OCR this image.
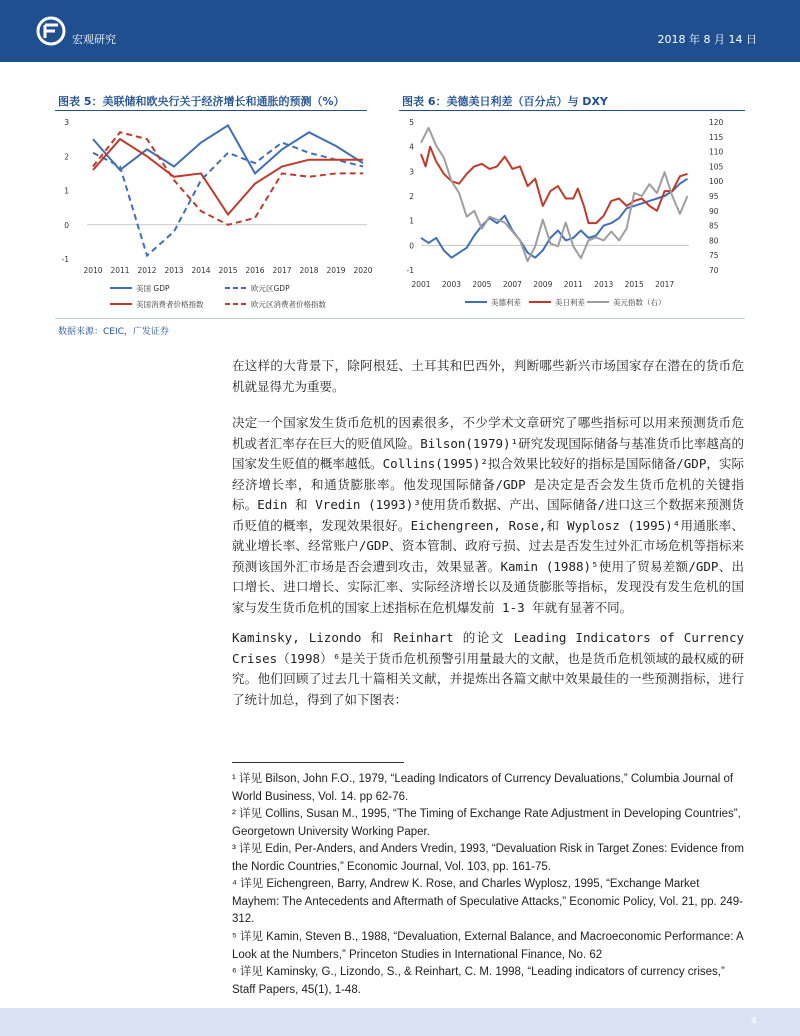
宏观研究	2018 年 8 月 14 日
图表 5：美联储和欧央行关于经济增长和通胀的预测（%）
-1
0
1
2
3
2010 2011 2012 2013 2014 2015 2016 2017 2018 2019 2020
美国 GDP	欧元区GDP
美国消费者价格指数	欧元区消费者价格指数
图表 6：美德美日利差（百分点）与 DXY
-1
0
1
2
3
4
5
70
75
80
85
90
95
100
105
110
115
120
2001 2003 2005 2007 2009 2011 2013 2015 2017
美德利差	美日利差	美元指数（右）
数据来源：CEIC，广发证券

在这样的大背景下，除阿根廷、土耳其和巴西外，判断哪些新兴市场国家存在潜在的货币危机就显得尤为重要。

决定一个国家发生货币危机的因素很多，不少学术文章研究了哪些指标可以用来预测货币危机或者汇率存在巨大的贬值风险。Bilson(1979)¹研究发现国际储备与基准货币比率越高的国家发生贬值的概率越低。Collins(1995)²拟合效果比较好的指标是国际储备/GDP，实际经济增长率，和通货膨胀率。他发现国际储备/GDP 是决定是否会发生货币危机的关键指标。Edin 和 Vredin (1993)³使用货币数据、产出、国际储备/进口这三个数据来预测货币贬值的概率，发现效果很好。Eichengreen, Rose,和 Wyplosz (1995)⁴用通胀率、就业增长率、经常账户/GDP、资本管制、政府亏损、过去是否发生过外汇市场危机等指标来预测该国外汇市场是否会遭到攻击，效果显著。Kamin (1988)⁵使用了贸易差额/GDP、出口增长、进口增长、实际汇率、实际经济增长以及通货膨胀等指标，发现没有发生危机的国家与发生货币危机的国家上述指标在危机爆发前 1-3 年就有显著不同。

Kaminsky, Lizondo 和 Reinhart 的论文 Leading Indicators of Currency Crises（1998）⁶是关于货币危机预警引用量最大的文献，也是货币危机领域的最权威的研究。他们回顾了过去几十篇相关文献，并提炼出各篇文献中效果最佳的一些预测指标，进行了统计加总，得到了如下图表：

¹ 详见 Bilson, John F.O., 1979, “Leading Indicators of Currency Devaluations,” Columbia Journal of World Business, Vol. 14. pp 62-76.

² 详见 Collins, Susan M., 1995, “The Timing of Exchange Rate Adjustment in Developing Countries”, Georgetown University Working Paper.

³ 详见 Edin, Per-Anders, and Anders Vredin, 1993, “Devaluation Risk in Target Zones: Evidence from the Nordic Countries,” Economic Journal, Vol. 103, pp. 161-75.

⁴ 详见 Eichengreen, Barry, Andrew K. Rose, and Charles Wyplosz, 1995, “Exchange Market Mayhem: The Antecedents and Aftermath of Speculative Attacks,” Economic Policy, Vol. 21, pp. 249-312.

⁵ 详见 Kamin, Steven B., 1988, “Devaluation, External Balance, and Macroeconomic Performance: A Look at the Numbers,” Princeton Studies in International Finance, No. 62

⁶ 详见 Kaminsky, G., Lizondo, S., & Reinhart, C. M. 1998, “Leading indicators of currency crises,” Staff Papers, 45(1), 1-48.

4
